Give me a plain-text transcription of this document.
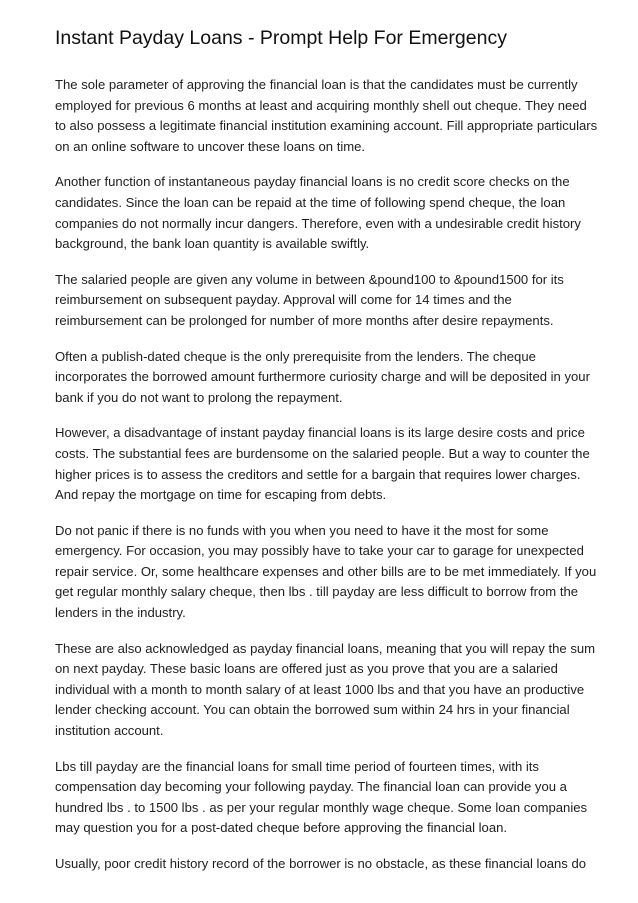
Instant Payday Loans - Prompt Help For Emergency

The sole parameter of approving the financial loan is that the candidates must be currently employed for previous 6 months at least and acquiring monthly shell out cheque. They need to also possess a legitimate financial institution examining account. Fill appropriate particulars on an online software to uncover these loans on time.

Another function of instantaneous payday financial loans is no credit score checks on the candidates. Since the loan can be repaid at the time of following spend cheque, the loan companies do not normally incur dangers. Therefore, even with a undesirable credit history background, the bank loan quantity is available swiftly.

The salaried people are given any volume in between &pound100 to &pound1500 for its reimbursement on subsequent payday. Approval will come for 14 times and the reimbursement can be prolonged for number of more months after desire repayments.

Often a publish-dated cheque is the only prerequisite from the lenders. The cheque incorporates the borrowed amount furthermore curiosity charge and will be deposited in your bank if you do not want to prolong the repayment.

However, a disadvantage of instant payday financial loans is its large desire costs and price costs. The substantial fees are burdensome on the salaried people. But a way to counter the higher prices is to assess the creditors and settle for a bargain that requires lower charges. And repay the mortgage on time for escaping from debts.

Do not panic if there is no funds with you when you need to have it the most for some emergency. For occasion, you may possibly have to take your car to garage for unexpected repair service. Or, some healthcare expenses and other bills are to be met immediately. If you get regular monthly salary cheque, then lbs . till payday are less difficult to borrow from the lenders in the industry.

These are also acknowledged as payday financial loans, meaning that you will repay the sum on next payday. These basic loans are offered just as you prove that you are a salaried individual with a month to month salary of at least 1000 lbs and that you have an productive lender checking account. You can obtain the borrowed sum within 24 hrs in your financial institution account.

Lbs till payday are the financial loans for small time period of fourteen times, with its compensation day becoming your following payday. The financial loan can provide you a hundred lbs . to 1500 lbs . as per your regular monthly wage cheque. Some loan companies may question you for a post-dated cheque before approving the financial loan.

Usually, poor credit history record of the borrower is no obstacle, as these financial loans do
